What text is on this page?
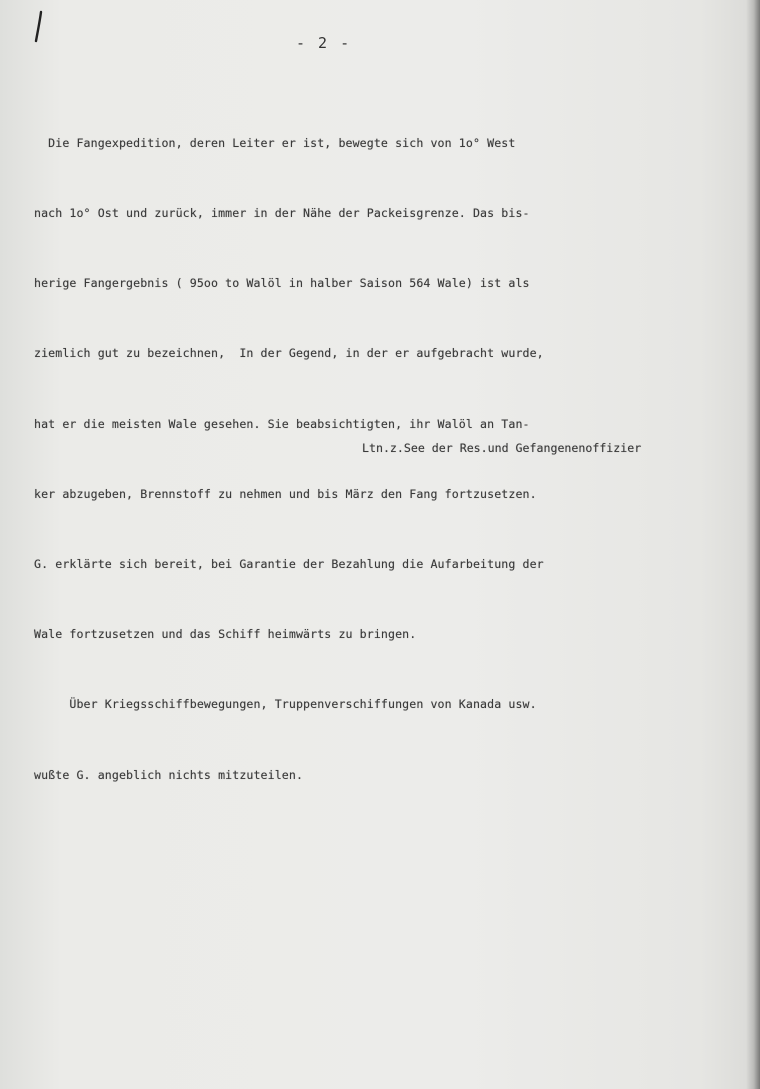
- 2 -

Die Fangexpedition, deren Leiter er ist, bewegte sich von 1o° West

nach 1o° Ost und zurück, immer in der Nähe der Packeisgrenze. Das bis-

herige Fangergebnis ( 95oo to Walöl in halber Saison 564 Wale) ist als

ziemlich gut zu bezeichnen,  In der Gegend, in der er aufgebracht wurde,

hat er die meisten Wale gesehen. Sie beabsichtigten, ihr Walöl an Tan-

ker abzugeben, Brennstoff zu nehmen und bis März den Fang fortzusetzen.

G. erklärte sich bereit, bei Garantie der Bezahlung die Aufarbeitung der

Wale fortzusetzen und das Schiff heimwärts zu bringen.

Über Kriegsschiffbewegungen, Truppenverschiffungen von Kanada usw.

wußte G. angeblich nichts mitzuteilen.

Ltn.z.See der Res.und Gefangenenoffizier
